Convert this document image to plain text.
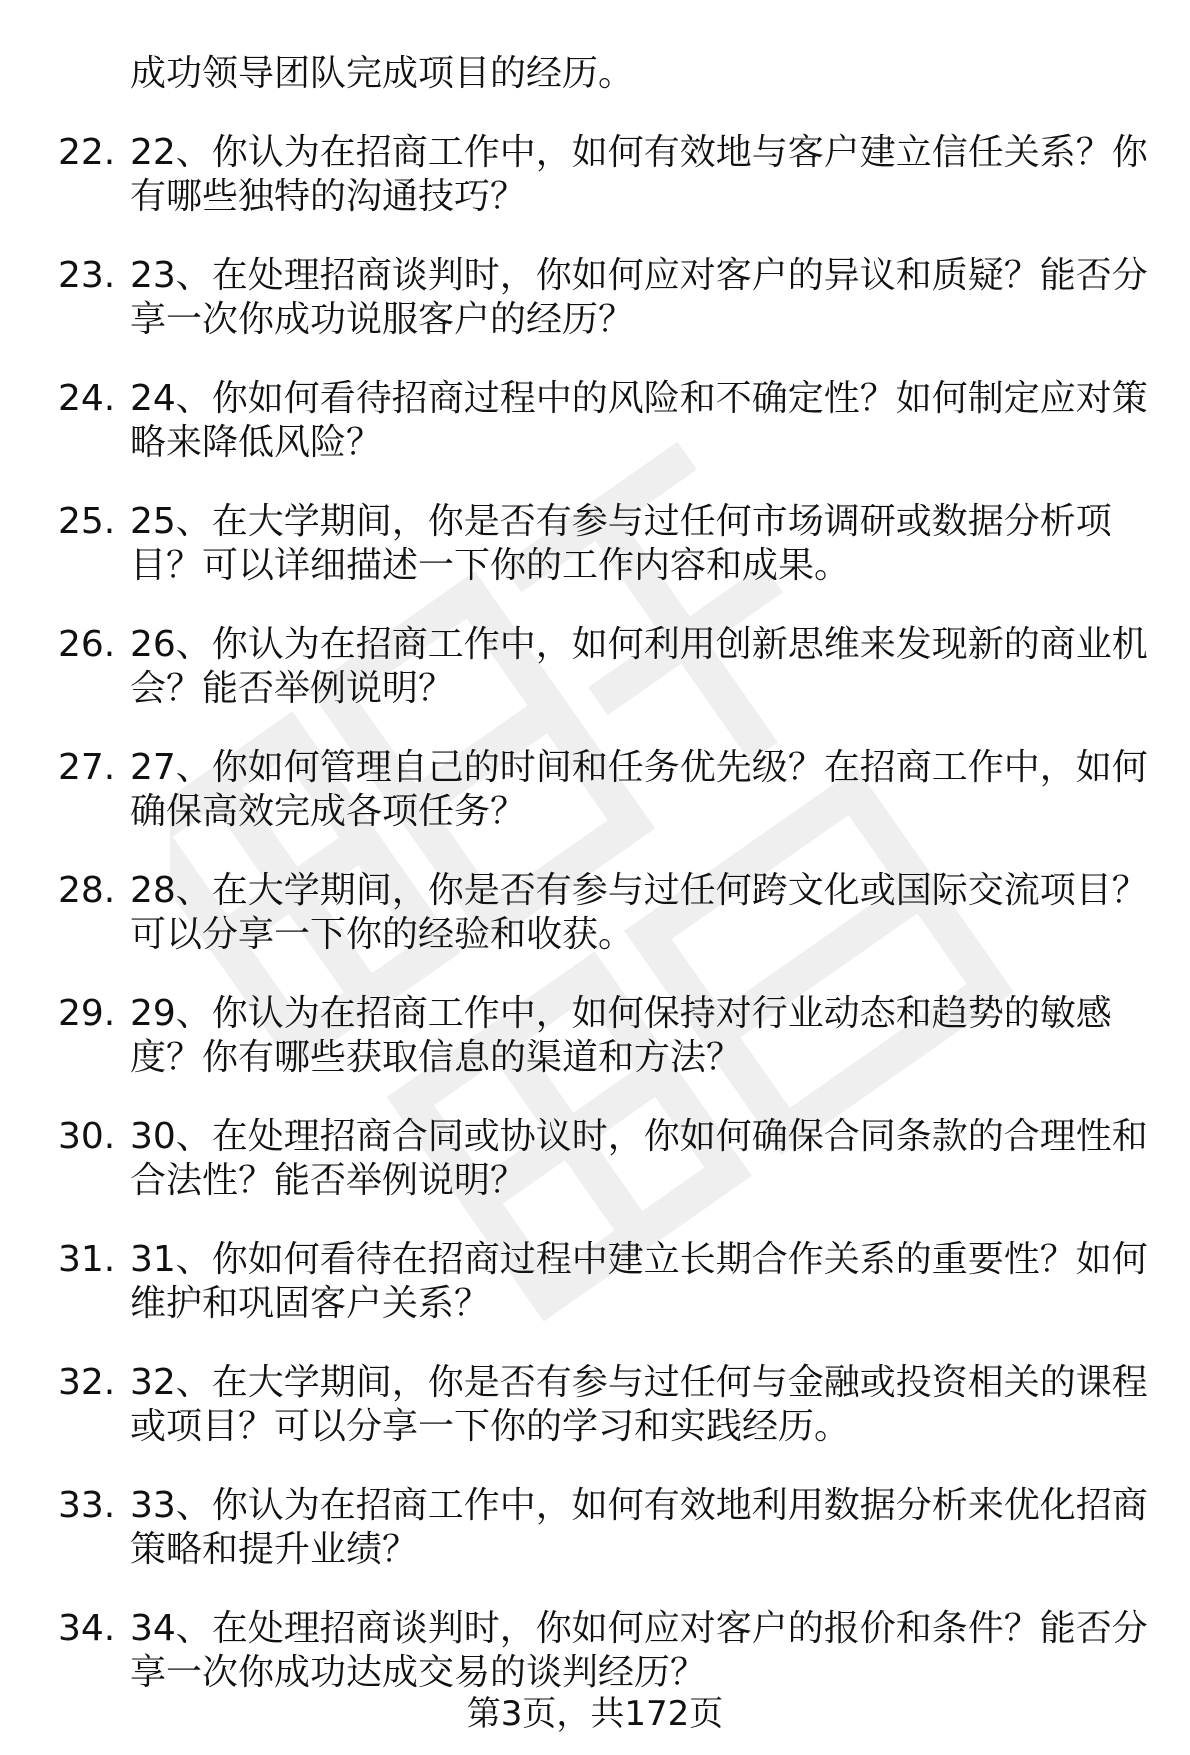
成功领导团队完成项目的经历。
22. 22、你认为在招商工作中，如何有效地与客户建立信任关系？你
有哪些独特的沟通技巧？
23. 23、在处理招商谈判时，你如何应对客户的异议和质疑？能否分
享一次你成功说服客户的经历？
24. 24、你如何看待招商过程中的风险和不确定性？如何制定应对策
略来降低风险？
25. 25、在大学期间，你是否有参与过任何市场调研或数据分析项
目？可以详细描述一下你的工作内容和成果。
26. 26、你认为在招商工作中，如何利用创新思维来发现新的商业机
会？能否举例说明？
27. 27、你如何管理自己的时间和任务优先级？在招商工作中，如何
确保高效完成各项任务？
28. 28、在大学期间，你是否有参与过任何跨文化或国际交流项目？
可以分享一下你的经验和收获。
29. 29、你认为在招商工作中，如何保持对行业动态和趋势的敏感
度？你有哪些获取信息的渠道和方法？
30. 30、在处理招商合同或协议时，你如何确保合同条款的合理性和
合法性？能否举例说明？
31. 31、你如何看待在招商过程中建立长期合作关系的重要性？如何
维护和巩固客户关系？
32. 32、在大学期间，你是否有参与过任何与金融或投资相关的课程
或项目？可以分享一下你的学习和实践经历。
33. 33、你认为在招商工作中，如何有效地利用数据分析来优化招商
策略和提升业绩？
34. 34、在处理招商谈判时，你如何应对客户的报价和条件？能否分
享一次你成功达成交易的谈判经历？
第3页，共172页
